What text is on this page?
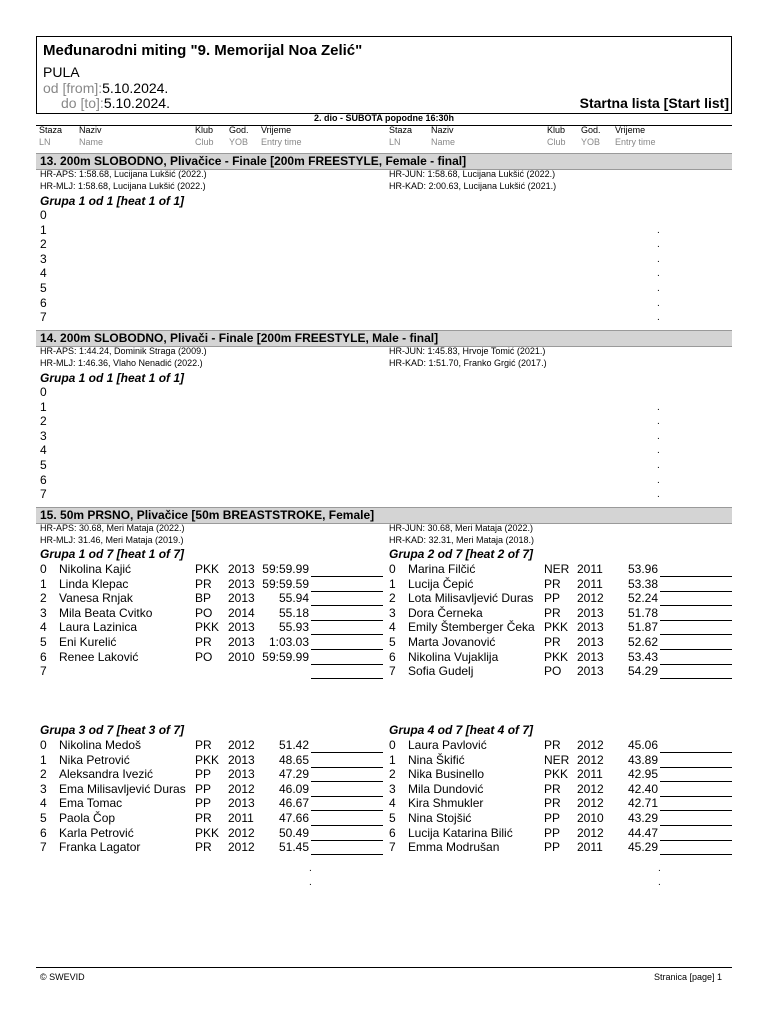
Međunarodni miting "9. Memorijal Noa Zelić"
PULA
od [from]:5.10.2024.
do [to]:5.10.2024.	Startna lista [Start list]
2. dio - SUBOTA popodne 16:30h
Staza Naziv	Klub God. Vrijeme
LN	Name	Club YOB Entry time
Staza Naziv	Klub God. Vrijeme
LN	Name	Club YOB Entry time
13. 200m SLOBODNO, Plivačice - Finale [200m FREESTYLE, Female - final]
HR-APS: 1:58.68, Lucijana Lukšić (2022.)	HR-JUN: 1:58.68, Lucijana Lukšić (2022.)
HR-MLJ: 1:58.68, Lucijana Lukšić (2022.)	HR-KAD: 2:00.63, Lucijana Lukšić (2021.)
Grupa 1 od 1 [heat 1 of 1]
0
1	.
2	.
3	.
4	.
5	.
6	.
7	.
14. 200m SLOBODNO, Plivači - Finale [200m FREESTYLE, Male - final]
HR-APS: 1:44.24, Dominik Straga (2009.)	HR-JUN: 1:45.83, Hrvoje Tomić (2021.)
HR-MLJ: 1:46.36, Vlaho Nenadić (2022.)	HR-KAD: 1:51.70, Franko Grgić (2017.)
Grupa 1 od 1 [heat 1 of 1]
0
1	.
2	.
3	.
4	.
5	.
6	.
7	.
15. 50m PRSNO, Plivačice [50m BREASTSTROKE, Female]
HR-APS: 30.68, Meri Mataja (2022.)	HR-JUN: 30.68, Meri Mataja (2022.)
HR-MLJ: 31.46, Meri Mataja (2019.)	HR-KAD: 32.31, Meri Mataja (2018.)
Grupa 1 od 7 [heat 1 of 7]
0 Nikolina Kajić	PKK 2013 59:59.99
1 Linda Klepac	PR 2013 59:59.59
2 Vanesa Rnjak	BP 2013	55.94
3 Mila Beata Cvitko	PO 2014	55.18
4 Laura Lazinica	PKK 2013	55.93
5 Eni Kurelić	PR 2013	1:03.03
6 Renee Laković	PO 2010 59:59.99
7
Grupa 2 od 7 [heat 2 of 7]
0 Marina Filčić	NER 2011	53.96
1 Lucija Čepić	PR 2011	53.38
2 Lota Milisavljević Duras PP 2012	52.24
3 Dora Černeka	PR 2013	51.78
4 Emily Štemberger Čeka PKK 2013	51.87
5 Marta Jovanović	PR 2013	52.62
6 Nikolina Vujaklija	PKK 2013	53.43
7 Sofia Gudelj	PO 2013	54.29
Grupa 3 od 7 [heat 3 of 7]
0 Nikolina Medoš	PR 2012	51.42
1 Nika Petrović	PKK 2013	48.65
2 Aleksandra Ivezić	PP 2013	47.29
3 Ema Milisavljević Duras PP 2012	46.09
4 Ema Tomac	PP 2013	46.67
5 Paola Čop	PR 2011	47.66
6 Karla Petrović	PKK 2012	50.49
7 Franka Lagator	PR 2012	51.45
.
.
Grupa 4 od 7 [heat 4 of 7]
0 Laura Pavlović	PR 2012	45.06
1 Nina Škifić	NER 2012	43.89
2 Nika Businello	PKK 2011	42.95
3 Mila Dundović	PR 2012	42.40
4 Kira Shmukler	PR 2012	42.71
5 Nina Stojšić	PP 2010	43.29
6 Lucija Katarina Bilić	PP 2012	44.47
7 Emma Modrušan	PP 2011	45.29
.
.
© SWEVID	Stranica [page] 1
